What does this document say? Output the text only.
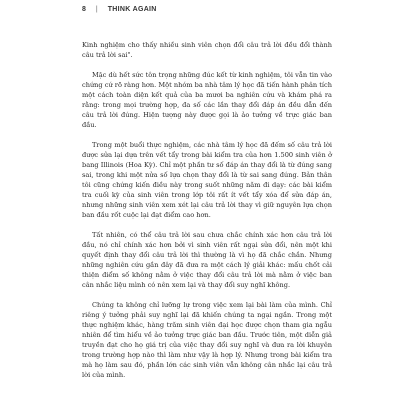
8 | THINK AGAIN

Kinh nghiệm cho thấy nhiều sinh viên chọn đổi câu trả lời đều đổi thành câu trả lời sai".

Mặc dù hết sức tôn trọng những đúc kết từ kinh nghiệm, tôi vẫn tin vào chứng cứ rõ ràng hơn. Một nhóm ba nhà tâm lý học đã tiến hành phân tích một cách toàn diện kết quả của ba mươi ba nghiên cứu và khám phá ra rằng: trong mọi trường hợp, đa số các lần thay đổi đáp án đều dẫn đến câu trả lời đúng. Hiện tượng này được gọi là ảo tưởng về trực giác ban đầu.

Trong một buổi thực nghiệm, các nhà tâm lý học đã đếm số câu trả lời được sửa lại dựa trên vết tẩy trong bài kiểm tra của hơn 1.500 sinh viên ở bang Illinois (Hoa Kỳ). Chỉ một phần tư số đáp án thay đổi là từ đúng sang sai, trong khi một nửa số lựa chọn thay đổi là từ sai sang đúng. Bản thân tôi cũng chứng kiến điều này trong suốt những năm đi dạy: các bài kiểm tra cuối kỳ của sinh viên trong lớp tôi rất ít vết tẩy xóa để sửa đáp án, nhưng những sinh viên xem xét lại câu trả lời thay vì giữ nguyên lựa chọn ban đầu rốt cuộc lại đạt điểm cao hơn.

Tất nhiên, có thể câu trả lời sau chưa chắc chính xác hơn câu trả lời đầu, nó chỉ chính xác hơn bởi vì sinh viên rất ngại sửa đổi, nên một khi quyết định thay đổi câu trả lời thì thường là vì họ đã chắc chắn. Nhưng những nghiên cứu gần đây đã đưa ra một cách lý giải khác: mấu chốt cải thiện điểm số không nằm ở việc thay đổi câu trả lời mà nằm ở việc ban cân nhắc liệu mình có nên xem lại và thay đổi suy nghĩ không.

Chúng ta không chỉ lưỡng lự trong việc xem lại bài làm của mình. Chỉ riêng ý tưởng phải suy nghĩ lại đã khiến chúng ta ngại ngần. Trong một thực nghiệm khác, hàng trăm sinh viên đại học được chọn tham gia ngẫu nhiên để tìm hiểu về ảo tưởng trực giác ban đầu. Trước tiên, một diễn giả truyền đạt cho họ giá trị của việc thay đổi suy nghĩ và đưa ra lời khuyên trong trường hợp nào thì làm như vậy là hợp lý. Nhưng trong bài kiểm tra mà họ làm sau đó, phần lớn các sinh viên vẫn không cân nhắc lại câu trả lời của mình.
